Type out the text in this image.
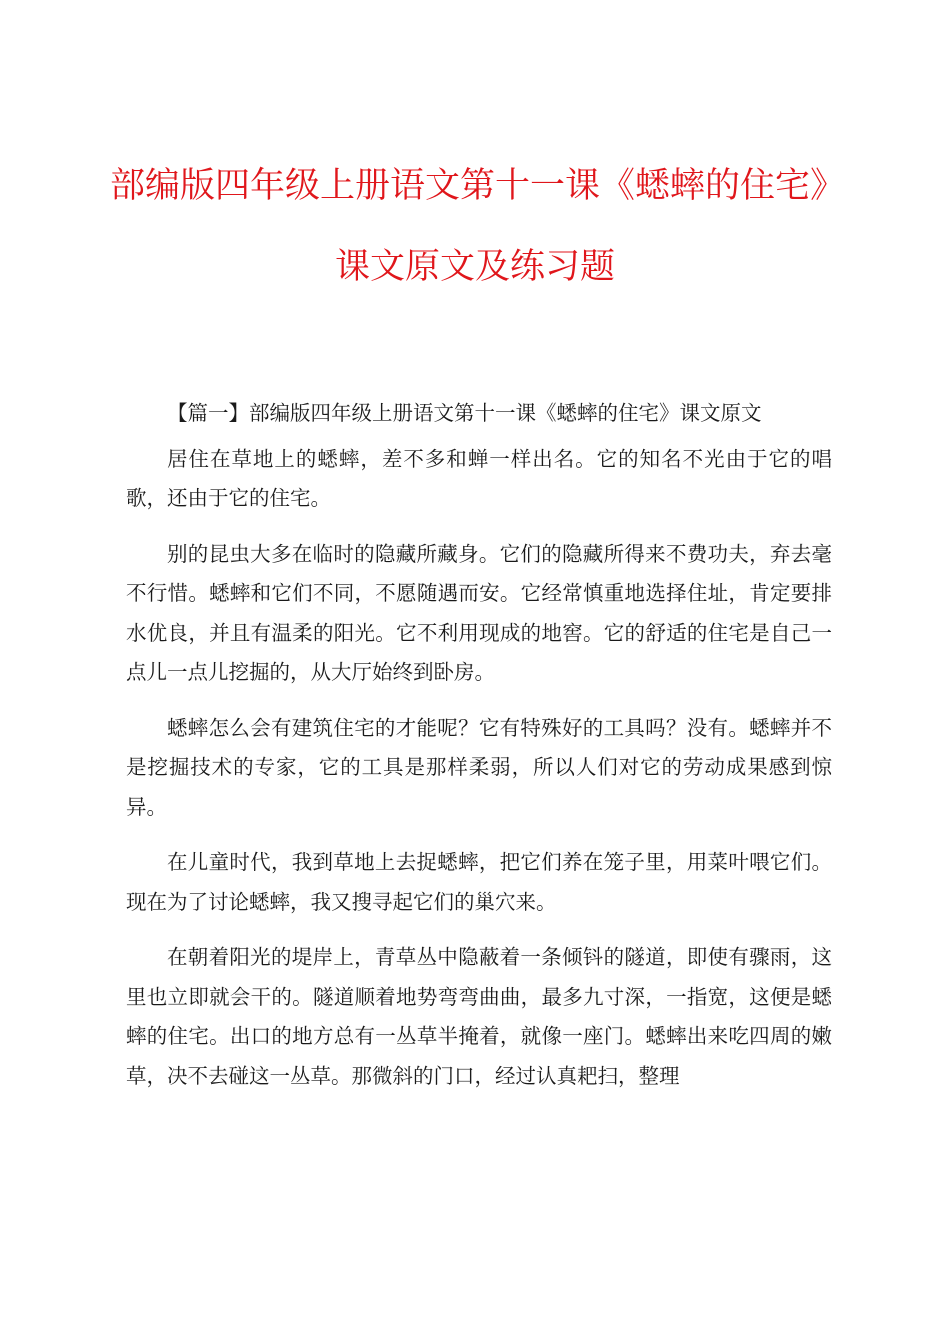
部编版四年级上册语文第十一课《蟋蟀的住宅》
课文原文及练习题

【篇一】部编版四年级上册语文第十一课《蟋蟀的住宅》课文原文

居住在草地上的蟋蟀，差不多和蝉一样出名。它的知名不光由于它的唱歌，还由于它的住宅。

别的昆虫大多在临时的隐藏所藏身。它们的隐藏所得来不费功夫，弃去毫不行惜。蟋蟀和它们不同，不愿随遇而安。它经常慎重地选择住址，肯定要排水优良，并且有温柔的阳光。它不利用现成的地窖。它的舒适的住宅是自己一点儿一点儿挖掘的，从大厅始终到卧房。

蟋蟀怎么会有建筑住宅的才能呢？它有特殊好的工具吗？没有。蟋蟀并不是挖掘技术的专家，它的工具是那样柔弱，所以人们对它的劳动成果感到惊异。

在儿童时代，我到草地上去捉蟋蟀，把它们养在笼子里，用菜叶喂它们。现在为了讨论蟋蟀，我又搜寻起它们的巢穴来。

在朝着阳光的堤岸上，青草丛中隐蔽着一条倾钭的隧道，即使有骤雨，这里也立即就会干的。隧道顺着地势弯弯曲曲，最多九寸深，一指宽，这便是蟋蟀的住宅。出口的地方总有一丛草半掩着，就像一座门。蟋蟀出来吃四周的嫩草，决不去碰这一丛草。那微斜的门口，经过认真耙扫，整理
